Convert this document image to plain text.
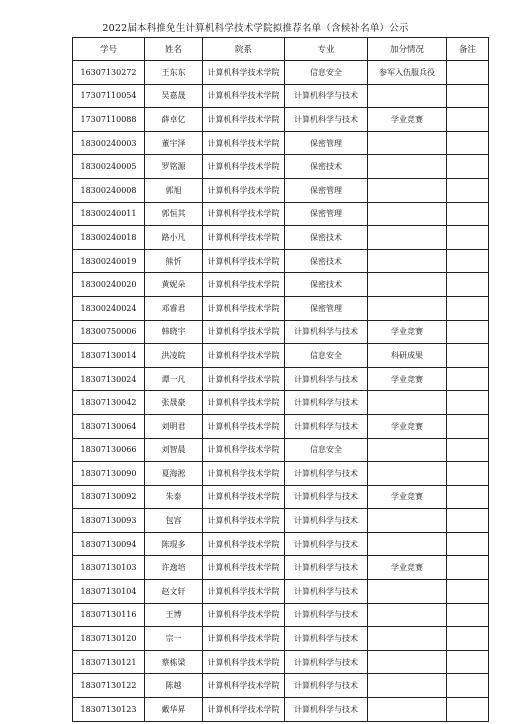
2022届本科推免生计算机科学技术学院拟推荐名单（含候补名单）公示
学号	姓名	院系	专业	加分情况	备注
16307130272	王东东	计算机科学技术学院	信息安全	参军入伍服兵役	
17307110054	吴嘉晟	计算机科学技术学院	计算机科学与技术		
17307110088	薛卓亿	计算机科学技术学院	计算机科学与技术	学业竞赛	
18300240003	董宇泽	计算机科学技术学院	保密管理		
18300240005	罗铭源	计算机科学技术学院	保密技术		
18300240008	郭旭	计算机科学技术学院	保密管理		
18300240011	郭恒其	计算机科学技术学院	保密管理		
18300240018	路小凡	计算机科学技术学院	保密技术		
18300240019	熊忻	计算机科学技术学院	保密技术		
18300240020	黄妮朵	计算机科学技术学院	保密技术		
18300240024	邓睿君	计算机科学技术学院	保密管理		
18300750006	韩晓宇	计算机科学技术学院	计算机科学与技术	学业竞赛	
18307130014	洪凌皖	计算机科学技术学院	信息安全	科研成果	
18307130024	谭一凡	计算机科学技术学院	计算机科学与技术	学业竞赛	
18307130042	张晟豪	计算机科学技术学院	计算机科学与技术		
18307130064	刘明君	计算机科学技术学院	计算机科学与技术	学业竞赛	
18307130066	刘智晨	计算机科学技术学院	信息安全		
18307130090	夏海淞	计算机科学技术学院	计算机科学与技术		
18307130092	朱泰	计算机科学技术学院	计算机科学与技术	学业竞赛	
18307130093	包容	计算机科学技术学院	计算机科学与技术		
18307130094	陈琨多	计算机科学技术学院	计算机科学与技术		
18307130103	许逸培	计算机科学技术学院	计算机科学与技术	学业竞赛	
18307130104	赵文轩	计算机科学技术学院	计算机科学与技术		
18307130116	王博	计算机科学技术学院	计算机科学与技术		
18307130120	宗一	计算机科学技术学院	计算机科学与技术		
18307130121	蔡栋梁	计算机科学技术学院	计算机科学与技术		
18307130122	陈越	计算机科学技术学院	计算机科学与技术		
18307130123	戴华昇	计算机科学技术学院	计算机科学与技术		
